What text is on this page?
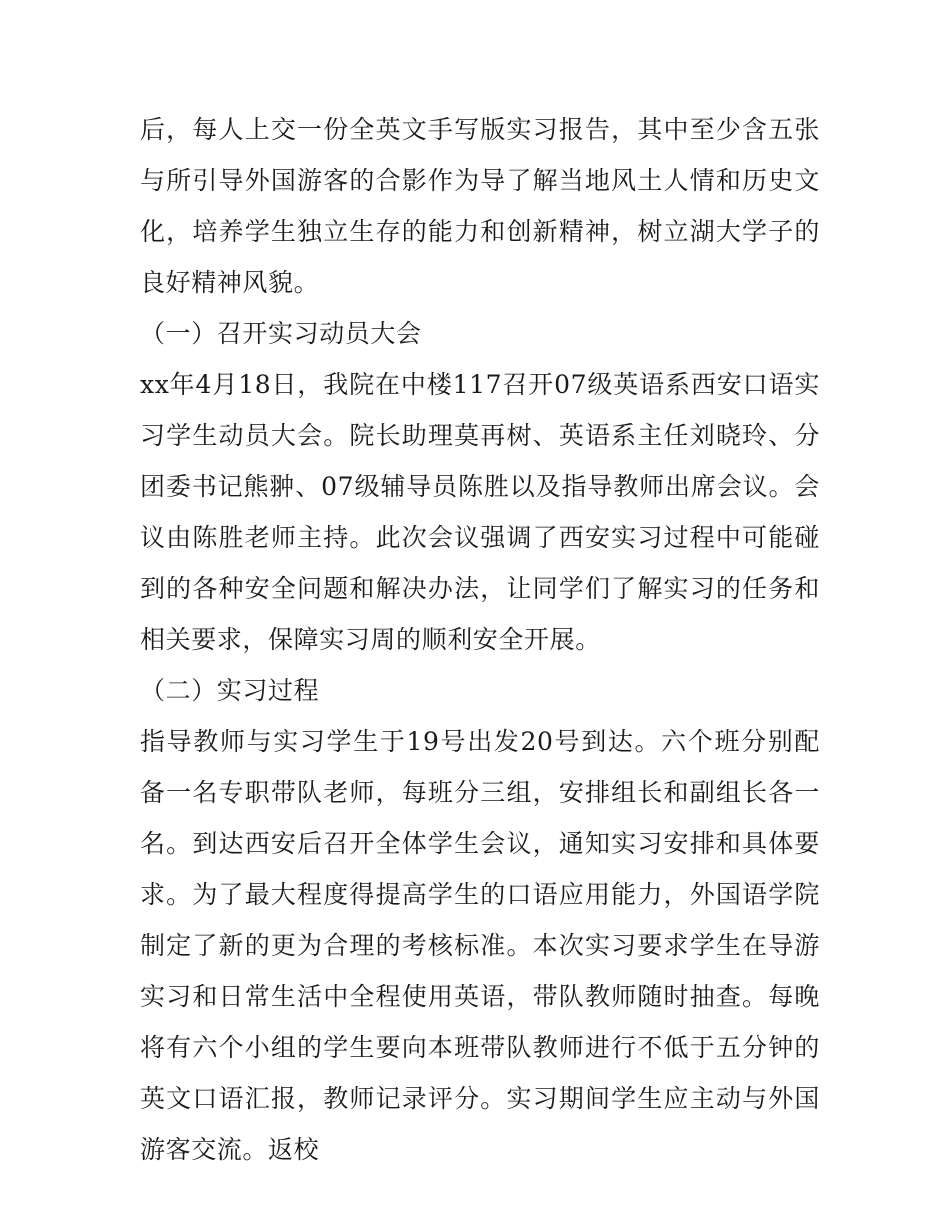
后，每人上交一份全英文手写版实习报告，其中至少含五张与所引导外国游客的合影作为导了解当地风土人情和历史文化，培养学生独立生存的能力和创新精神，树立湖大学子的良好精神风貌。

（一）召开实习动员大会

xx年4月18日，我院在中楼117召开07级英语系西安口语实习学生动员大会。院长助理莫再树、英语系主任刘晓玲、分团委书记熊翀、07级辅导员陈胜以及指导教师出席会议。会议由陈胜老师主持。此次会议强调了西安实习过程中可能碰到的各种安全问题和解决办法，让同学们了解实习的任务和相关要求，保障实习周的顺利安全开展。

（二）实习过程

指导教师与实习学生于19号出发20号到达。六个班分别配备一名专职带队老师，每班分三组，安排组长和副组长各一名。到达西安后召开全体学生会议，通知实习安排和具体要求。为了最大程度得提高学生的口语应用能力，外国语学院制定了新的更为合理的考核标准。本次实习要求学生在导游实习和日常生活中全程使用英语，带队教师随时抽查。每晚将有六个小组的学生要向本班带队教师进行不低于五分钟的英文口语汇报，教师记录评分。实习期间学生应主动与外国游客交流。返校
